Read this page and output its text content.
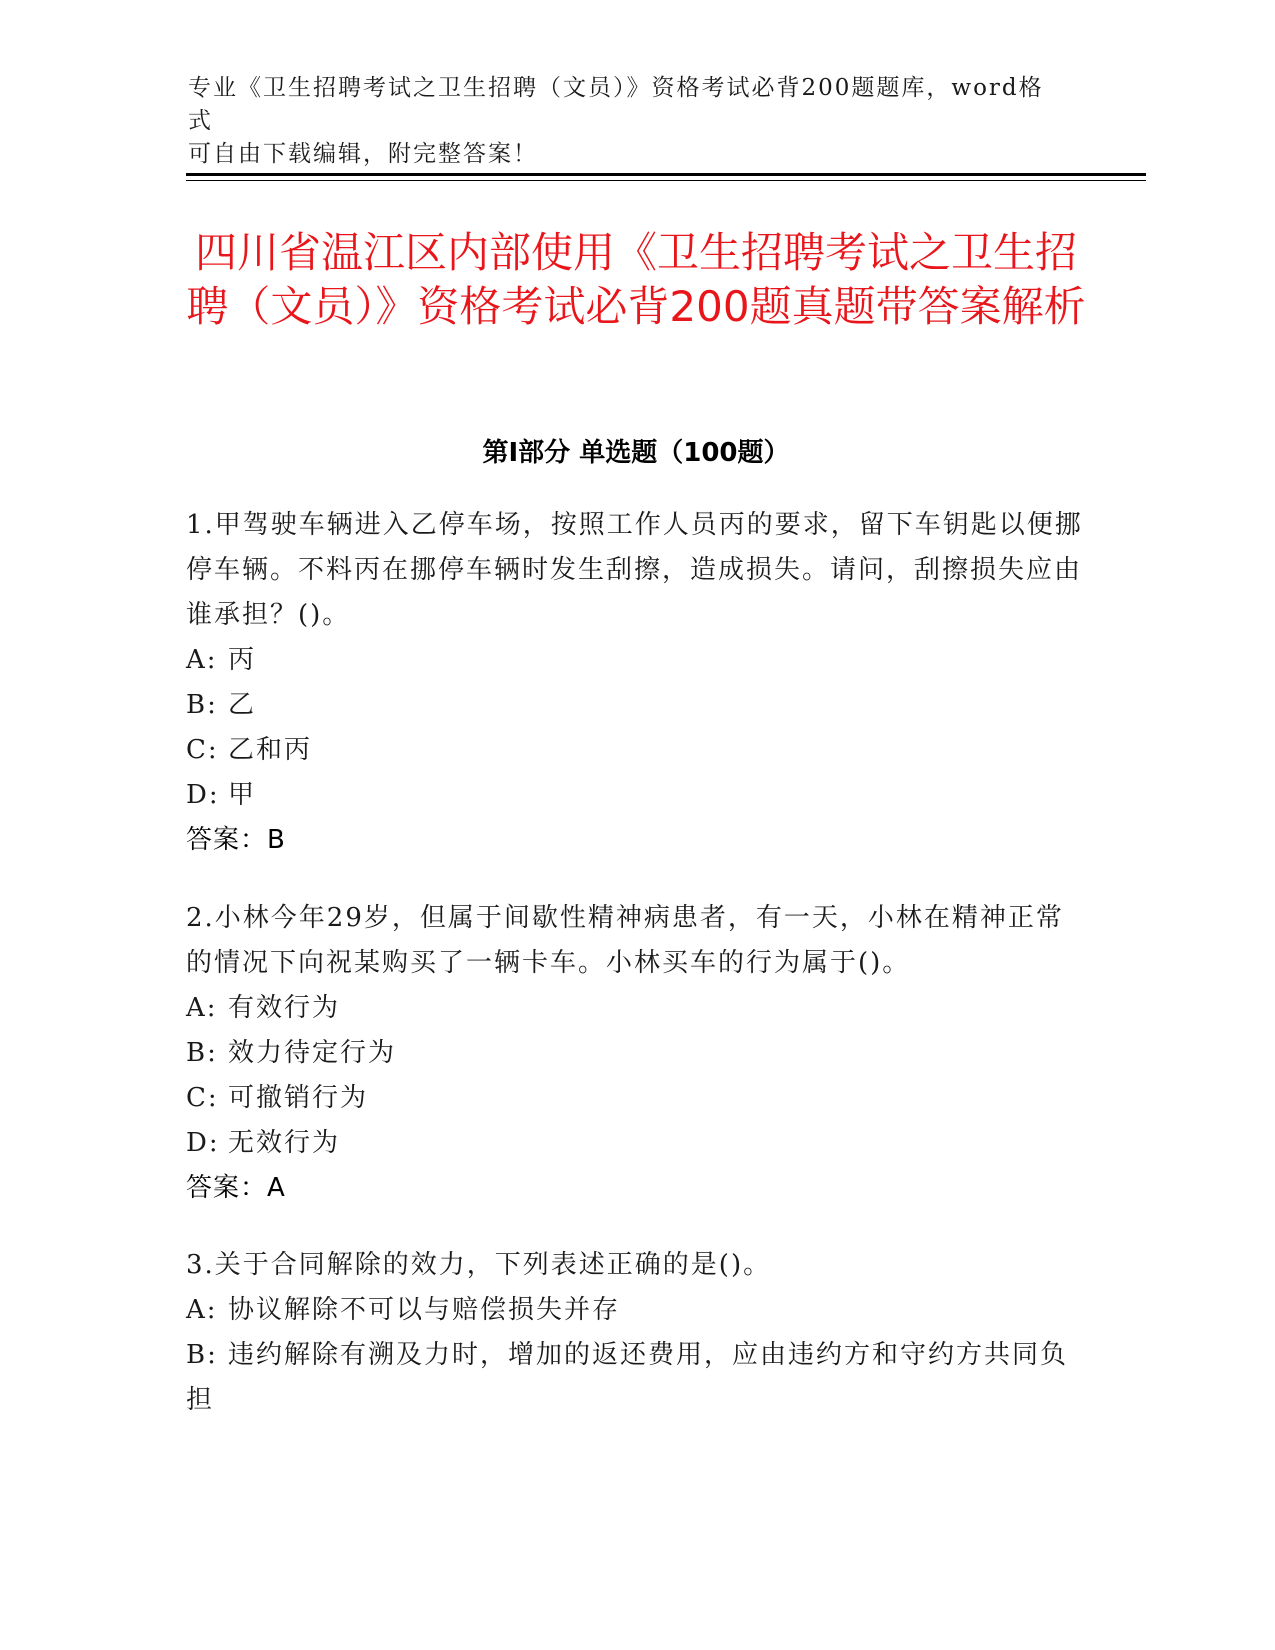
专业《卫生招聘考试之卫生招聘（文员）》资格考试必背200题题库，word格式
可自由下载编辑，附完整答案！
四川省温江区内部使用《卫生招聘考试之卫生招聘（文员）》资格考试必背200题真题带答案解析
第Ⅰ部分 单选题（100题）

1.甲驾驶车辆进入乙停车场，按照工作人员丙的要求，留下车钥匙以便挪停车辆。不料丙在挪停车辆时发生刮擦，造成损失。请问，刮擦损失应由谁承担？()。

A: 丙

B: 乙

C: 乙和丙

D: 甲

答案：B

2.小林今年29岁，但属于间歇性精神病患者，有一天，小林在精神正常的情况下向祝某购买了一辆卡车。小林买车的行为属于()。

A: 有效行为

B: 效力待定行为

C: 可撤销行为

D: 无效行为

答案：A

3.关于合同解除的效力，下列表述正确的是()。

A: 协议解除不可以与赔偿损失并存

B: 违约解除有溯及力时，增加的返还费用，应由违约方和守约方共同负担
